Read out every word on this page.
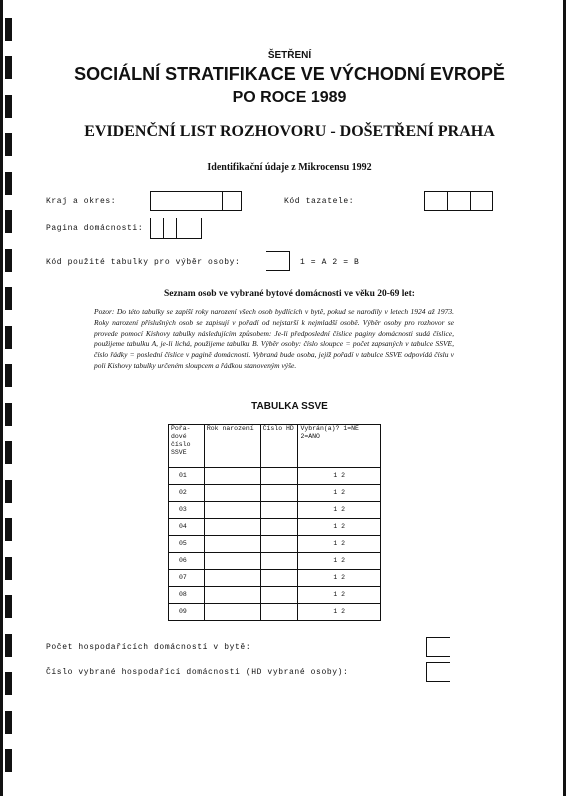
ŠETŘENÍ
SOCIÁLNÍ STRATIFIKACE VE VÝCHODNÍ EVROPĚ
PO ROCE 1989
EVIDENČNÍ LIST ROZHOVORU - DOŠETŘENÍ PRAHA
Identifikační údaje z Mikrocensu 1992
Kraj a okres:	Kód tazatele:
Pagina domácnosti:
Kód použité tabulky pro výběr osoby:	1 = A 2 = B
Seznam osob ve vybrané bytové domácnosti ve věku 20-69 let:
Pozor: Do této tabulky se zapíší roky narození všech osob bydlících v bytě, pokud se narodily v letech 1924 až 1973. Roky narození příslušných osob se zapisují v pořadí od nejstarší k nejmladší osobě. Výběr osoby pro rozhovor se provede pomocí Kishovy tabulky následujícím způsobem: Je-li předposlední číslice paginy domácnosti sudá číslice, použijeme tabulku A, je-li lichá, použijeme tabulku B. Výběr osoby: číslo sloupce = počet zapsaných v tabulce SSVE, číslo řádky = poslední číslice v pagině domácnosti. Vybraná bude osoba, jejíž pořadí v tabulce SSVE odpovídá číslu v poli Kishovy tabulky určeném sloupcem a řádkou stanoveným výše.
TABULKA SSVE
Pořa-dové číslo SSVE	Rok narození	Číslo HD	Vybrán(a)? 1=NE 2=ANO
01			1 2
02			1 2
03			1 2
04			1 2
05			1 2
06			1 2
07			1 2
08			1 2
09			1 2
Počet hospodařících domácností v bytě:
Číslo vybrané hospodařící domácnosti (HD vybrané osoby):
